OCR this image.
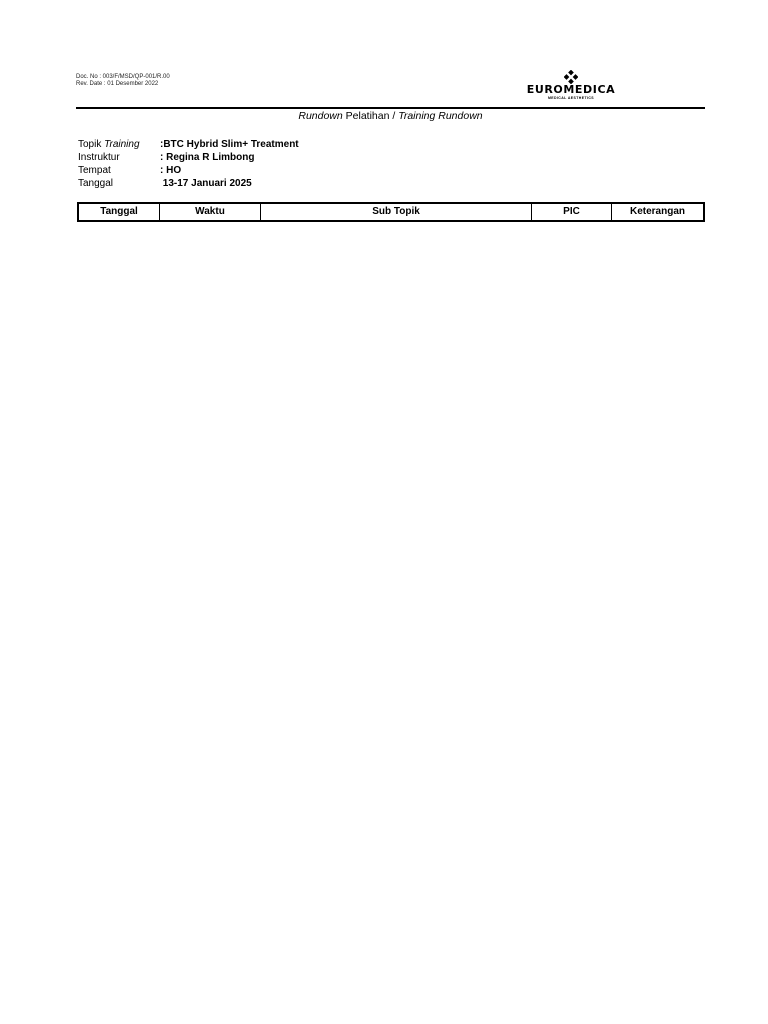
Doc. No : 003/F/MSD/QP-001/R.00
Rev. Date : 01 Desember 2022	EUROMEDICA
MEDICAL AESTHETICS
Rundown Pelatihan / Training Rundown
Topik Training	:BTC Hybrid Slim+ Treatment
Instruktur	: Regina R Limbong
Tempat	: HO
Tanggal	13-17 Januari 2025
Tanggal	Waktu	Sub Topik	PIC	Keterangan
